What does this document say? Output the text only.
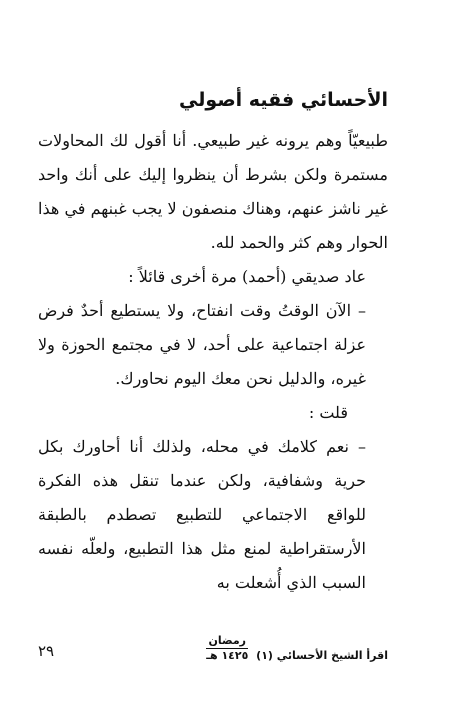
الأحسائي فقيه أصولي

طبيعيّاً وهم يرونه غير طبيعي. أنا أقول لك المحاولات مستمرة ولكن بشرط أن ينظروا إليك على أنك واحد غير ناشز عنهم، وهناك منصفون لا يجب غبنهم في هذا الحوار وهم كثر والحمد لله.

عاد صديقي (أحمد) مرة أخرى قائلاً :

– الآن الوقتُ وقت انفتاح، ولا يستطيع أحدٌ فرض عزلة اجتماعية على أحد، لا في مجتمع الحوزة ولا غيره، والدليل نحن معك اليوم نحاورك.

قلت :

– نعم كلامك في محله، ولذلك أنا أحاورك بكل حرية وشفافية، ولكن عندما تنقل هذه الفكرة للواقع الاجتماعي للتطبيع تصطدم بالطبقة الأرستقراطية لمنع مثل هذا التطبيع، ولعلّه نفسه السبب الذي أُشعلت به

٢٩	اقرأ الشيخ الأحسائي (١)
رمضان
١٤٢٥ هـ
